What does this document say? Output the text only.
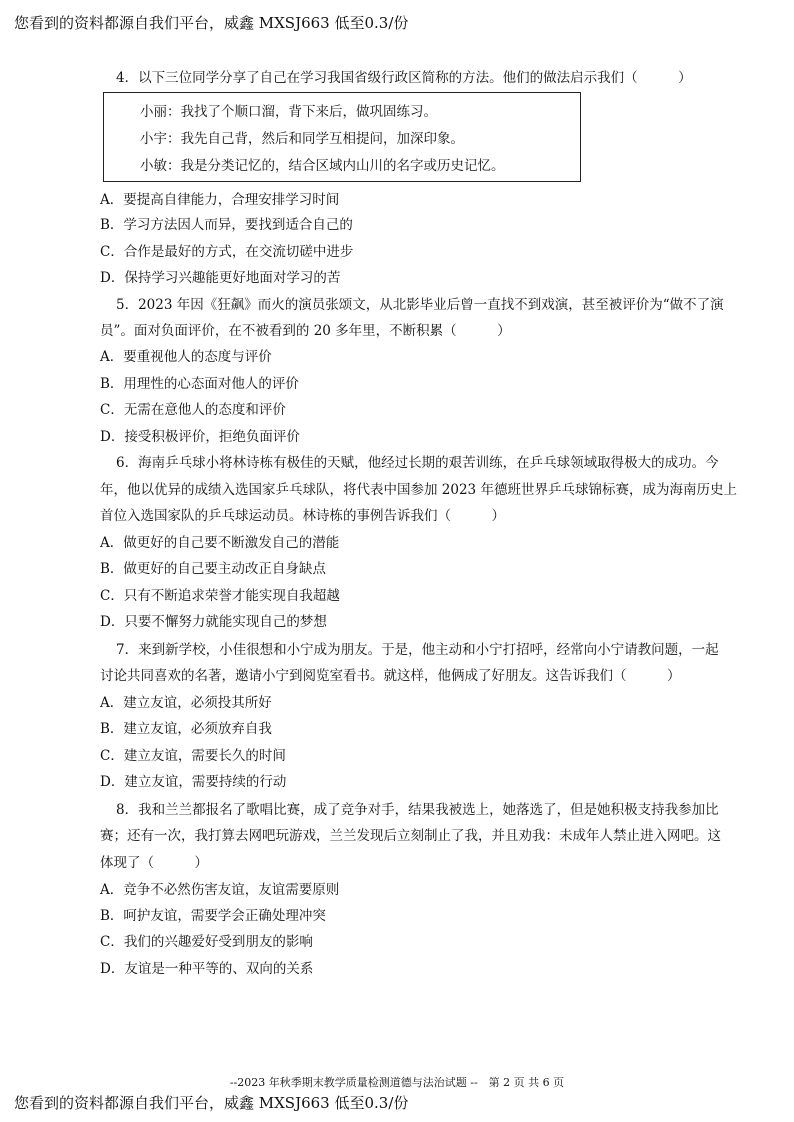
您看到的资料都源自我们平台，威鑫 MXSJ663 低至0.3/份
4．以下三位同学分享了自己在学习我国省级行政区简称的方法。他们的做法启示我们（　　　）
小丽：我找了个顺口溜，背下来后，做巩固练习。
小宇：我先自己背，然后和同学互相提问，加深印象。
小敏：我是分类记忆的，结合区域内山川的名字或历史记忆。
A．要提高自律能力，合理安排学习时间
B．学习方法因人而异，要找到适合自己的
C．合作是最好的方式，在交流切磋中进步
D．保持学习兴趣能更好地面对学习的苦
5．2023 年因《狂飙》而火的演员张颂文，从北影毕业后曾一直找不到戏演，甚至被评价为“做不了演
员”。面对负面评价，在不被看到的 20 多年里，不断积累（　　　）
A．要重视他人的态度与评价
B．用理性的心态面对他人的评价
C．无需在意他人的态度和评价
D．接受积极评价，拒绝负面评价
6．海南乒乓球小将林诗栋有极佳的天赋，他经过长期的艰苦训练，在乒乓球领域取得极大的成功。今
年，他以优异的成绩入选国家乒乓球队，将代表中国参加 2023 年德班世界乒乓球锦标赛，成为海南历史上
首位入选国家队的乒乓球运动员。林诗栋的事例告诉我们（　　　）
A．做更好的自己要不断激发自己的潜能
B．做更好的自己要主动改正自身缺点
C．只有不断追求荣誉才能实现自我超越
D．只要不懈努力就能实现自己的梦想
7．来到新学校，小佳很想和小宁成为朋友。于是，他主动和小宁打招呼，经常向小宁请教问题，一起
讨论共同喜欢的名著，邀请小宁到阅览室看书。就这样，他俩成了好朋友。这告诉我们（　　　）
A．建立友谊，必须投其所好
B．建立友谊，必须放弃自我
C．建立友谊，需要长久的时间
D．建立友谊，需要持续的行动
8．我和兰兰都报名了歌唱比赛，成了竞争对手，结果我被选上，她落选了，但是她积极支持我参加比
赛；还有一次，我打算去网吧玩游戏，兰兰发现后立刻制止了我，并且劝我：未成年人禁止进入网吧。这
体现了（　　　）
A．竞争不必然伤害友谊，友谊需要原则
B．呵护友谊，需要学会正确处理冲突
C．我们的兴趣爱好受到朋友的影响
D．友谊是一种平等的、双向的关系
--2023 年秋季期末教学质量检测道德与法治试题 --　第 2 页 共 6 页
您看到的资料都源自我们平台，威鑫 MXSJ663 低至0.3/份
